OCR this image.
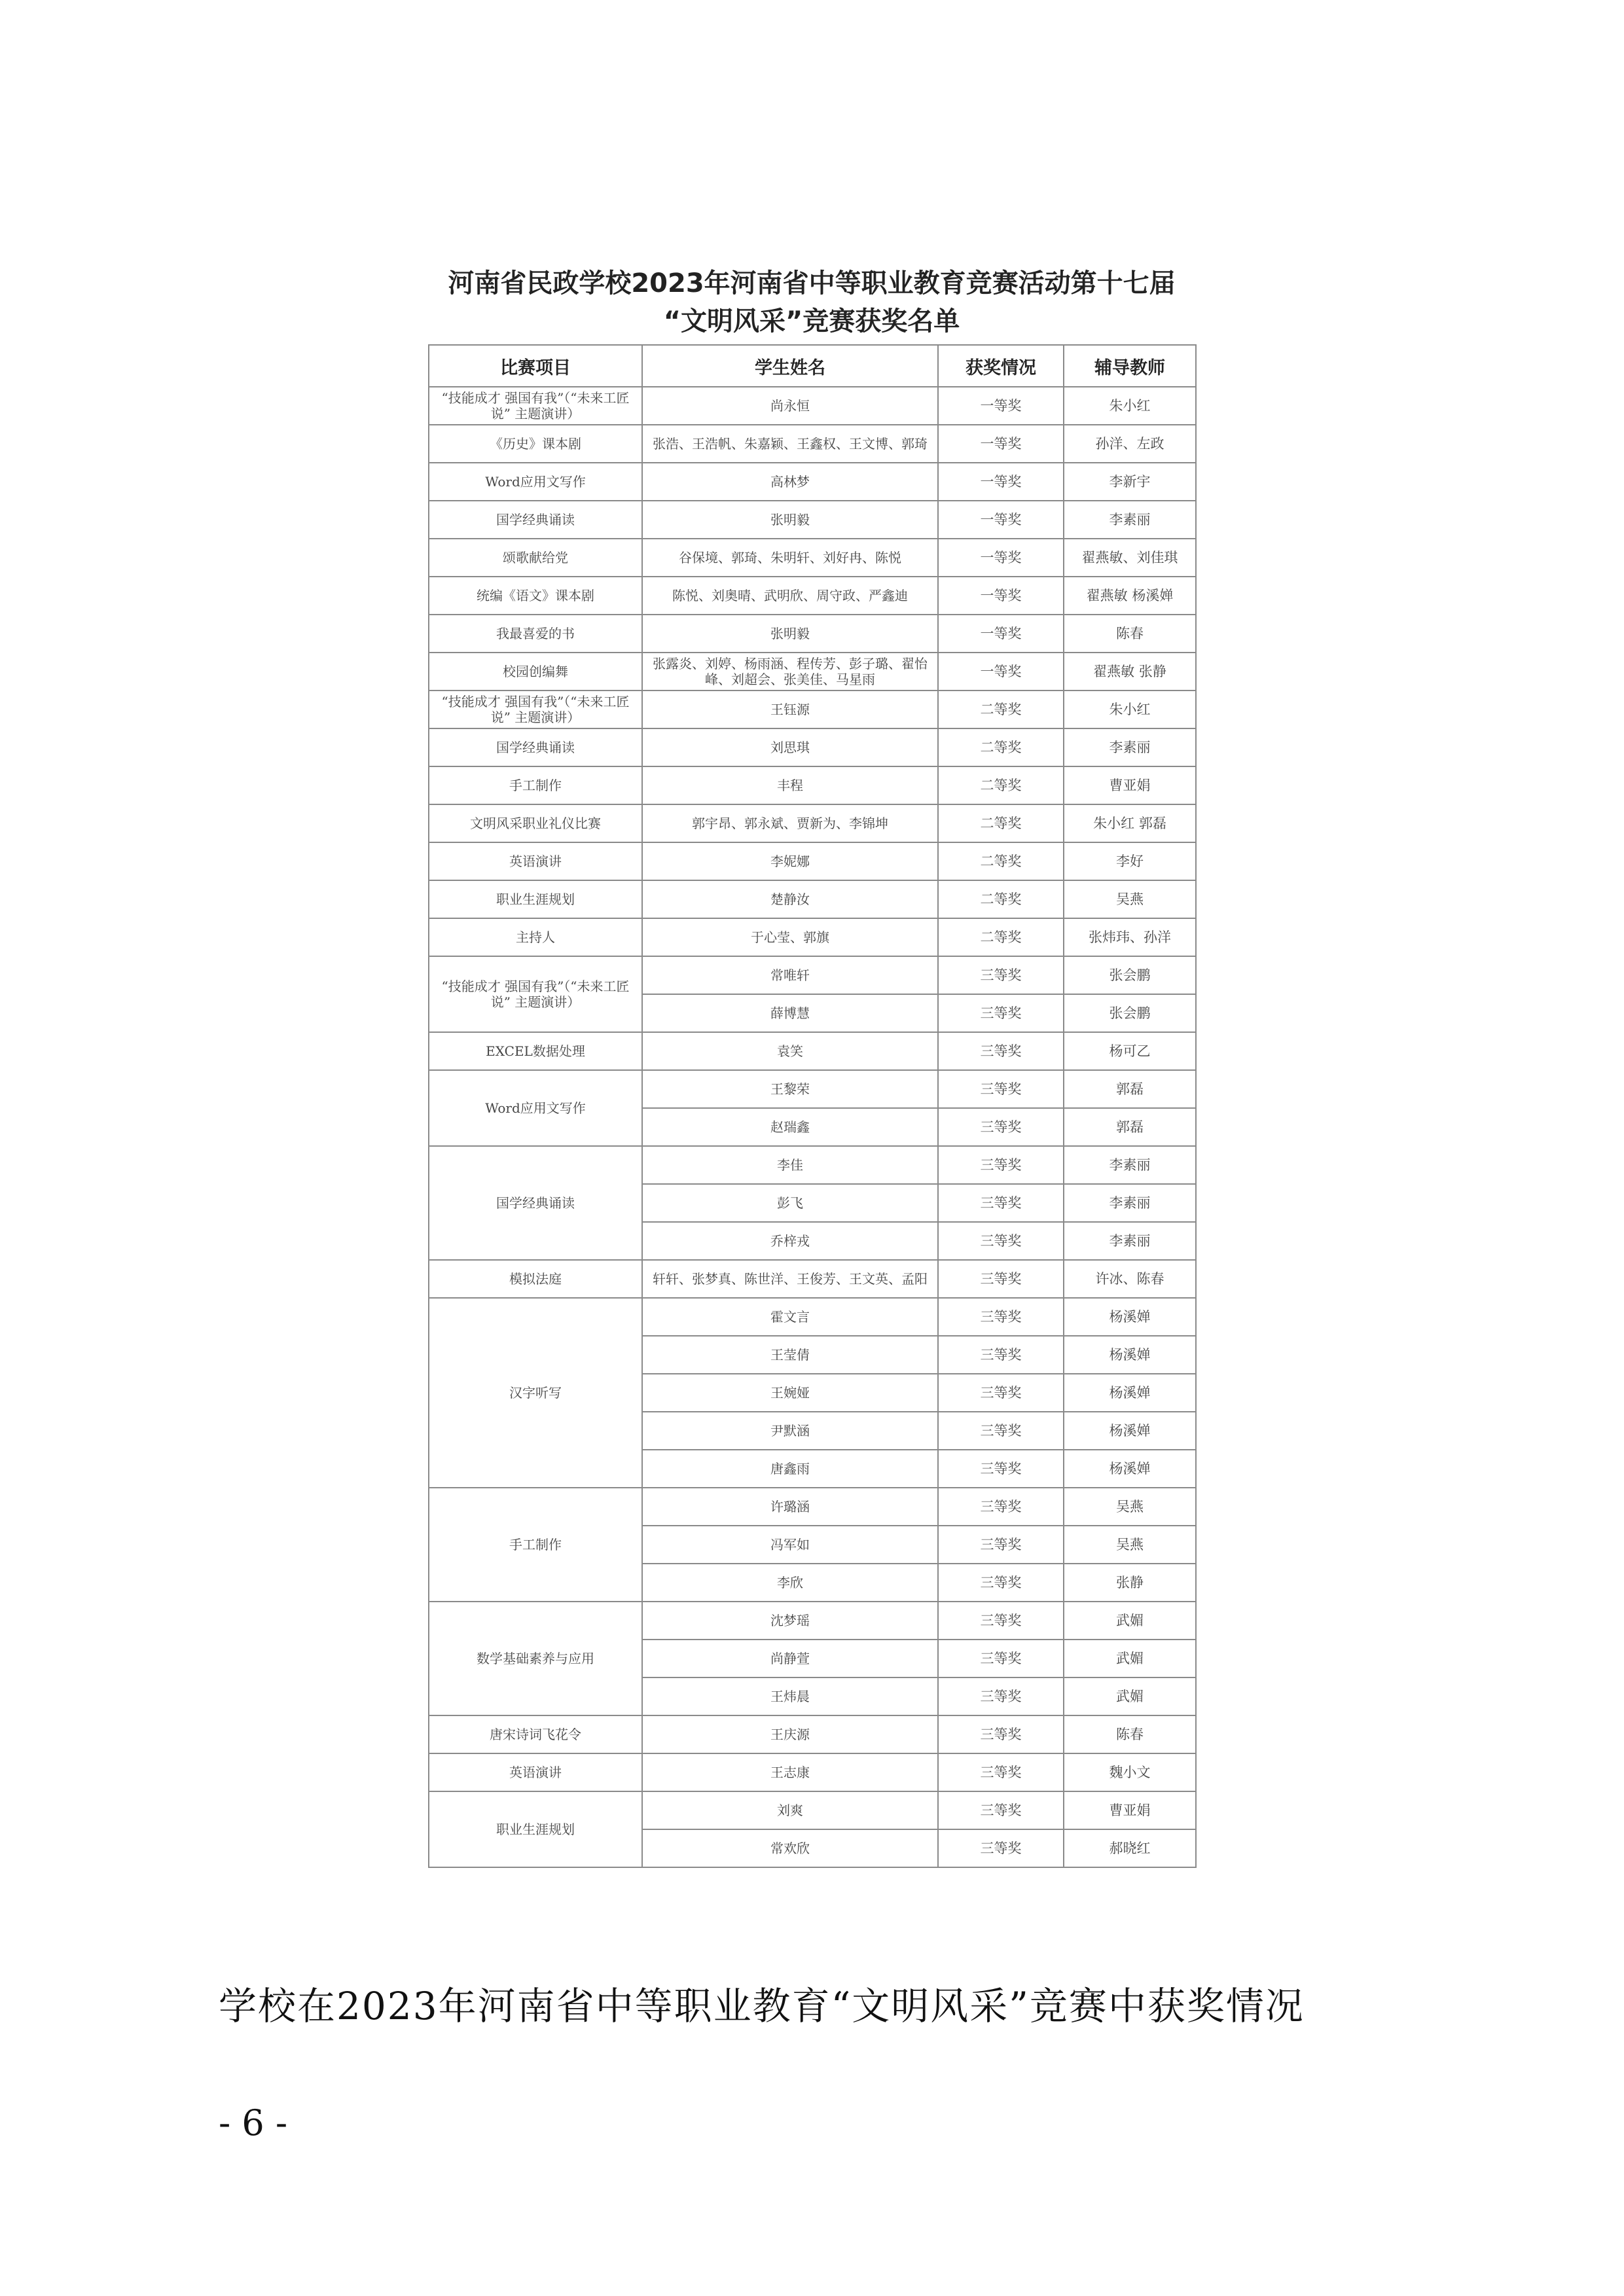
河南省民政学校2023年河南省中等职业教育竞赛活动第十七届
“文明风采”竞赛获奖名单
比赛项目	学生姓名	获奖情况	辅导教师
“技能成才 强国有我”（“未来工匠说” 主题演讲）	尚永恒	一等奖	朱小红
《历史》课本剧	张浩、王浩帆、朱嘉颖、王鑫权、王文博、郭琦	一等奖	孙洋、左政
Word应用文写作	高林梦	一等奖	李新宇
国学经典诵读	张明毅	一等奖	李素丽
颂歌献给党	谷保境、郭琦、朱明轩、刘好冉、陈悦	一等奖	翟燕敏、刘佳琪
统编《语文》课本剧	陈悦、刘奥晴、武明欣、周守政、严鑫迪	一等奖	翟燕敏 杨溪婵
我最喜爱的书	张明毅	一等奖	陈春
校园创编舞	张露炎、刘婷、杨雨涵、程传芳、彭子璐、翟怡峰、刘超会、张美佳、马星雨	一等奖	翟燕敏 张静
“技能成才 强国有我”（“未来工匠说” 主题演讲）	王钰源	二等奖	朱小红
国学经典诵读	刘思琪	二等奖	李素丽
手工制作	丰程	二等奖	曹亚娟
文明风采职业礼仪比赛	郭宇昂、郭永斌、贾新为、李锦坤	二等奖	朱小红 郭磊
英语演讲	李妮娜	二等奖	李好
职业生涯规划	楚静汝	二等奖	吴燕
主持人	于心莹、郭旗	二等奖	张炜玮、孙洋
“技能成才 强国有我”（“未来工匠说” 主题演讲）	常唯轩	三等奖	张会鹏
	薛博慧	三等奖	张会鹏
EXCEL数据处理	袁笑	三等奖	杨可乙
Word应用文写作	王黎荣	三等奖	郭磊
	赵瑞鑫	三等奖	郭磊
国学经典诵读	李佳	三等奖	李素丽
	彭飞	三等奖	李素丽
	乔梓戎	三等奖	李素丽
模拟法庭	轩轩、张梦真、陈世洋、王俊芳、王文英、孟阳	三等奖	许冰、陈春
汉字听写	霍文言	三等奖	杨溪婵
	王莹倩	三等奖	杨溪婵
	王婉娅	三等奖	杨溪婵
	尹默涵	三等奖	杨溪婵
	唐鑫雨	三等奖	杨溪婵
手工制作	许璐涵	三等奖	吴燕
	冯军如	三等奖	吴燕
	李欣	三等奖	张静
数学基础素养与应用	沈梦瑶	三等奖	武媚
	尚静萱	三等奖	武媚
	王炜晨	三等奖	武媚
唐宋诗词飞花令	王庆源	三等奖	陈春
英语演讲	王志康	三等奖	魏小文
职业生涯规划	刘爽	三等奖	曹亚娟
	常欢欣	三等奖	郝晓红
学校在2023年河南省中等职业教育“文明风采”竞赛中获奖情况
- 6 -
